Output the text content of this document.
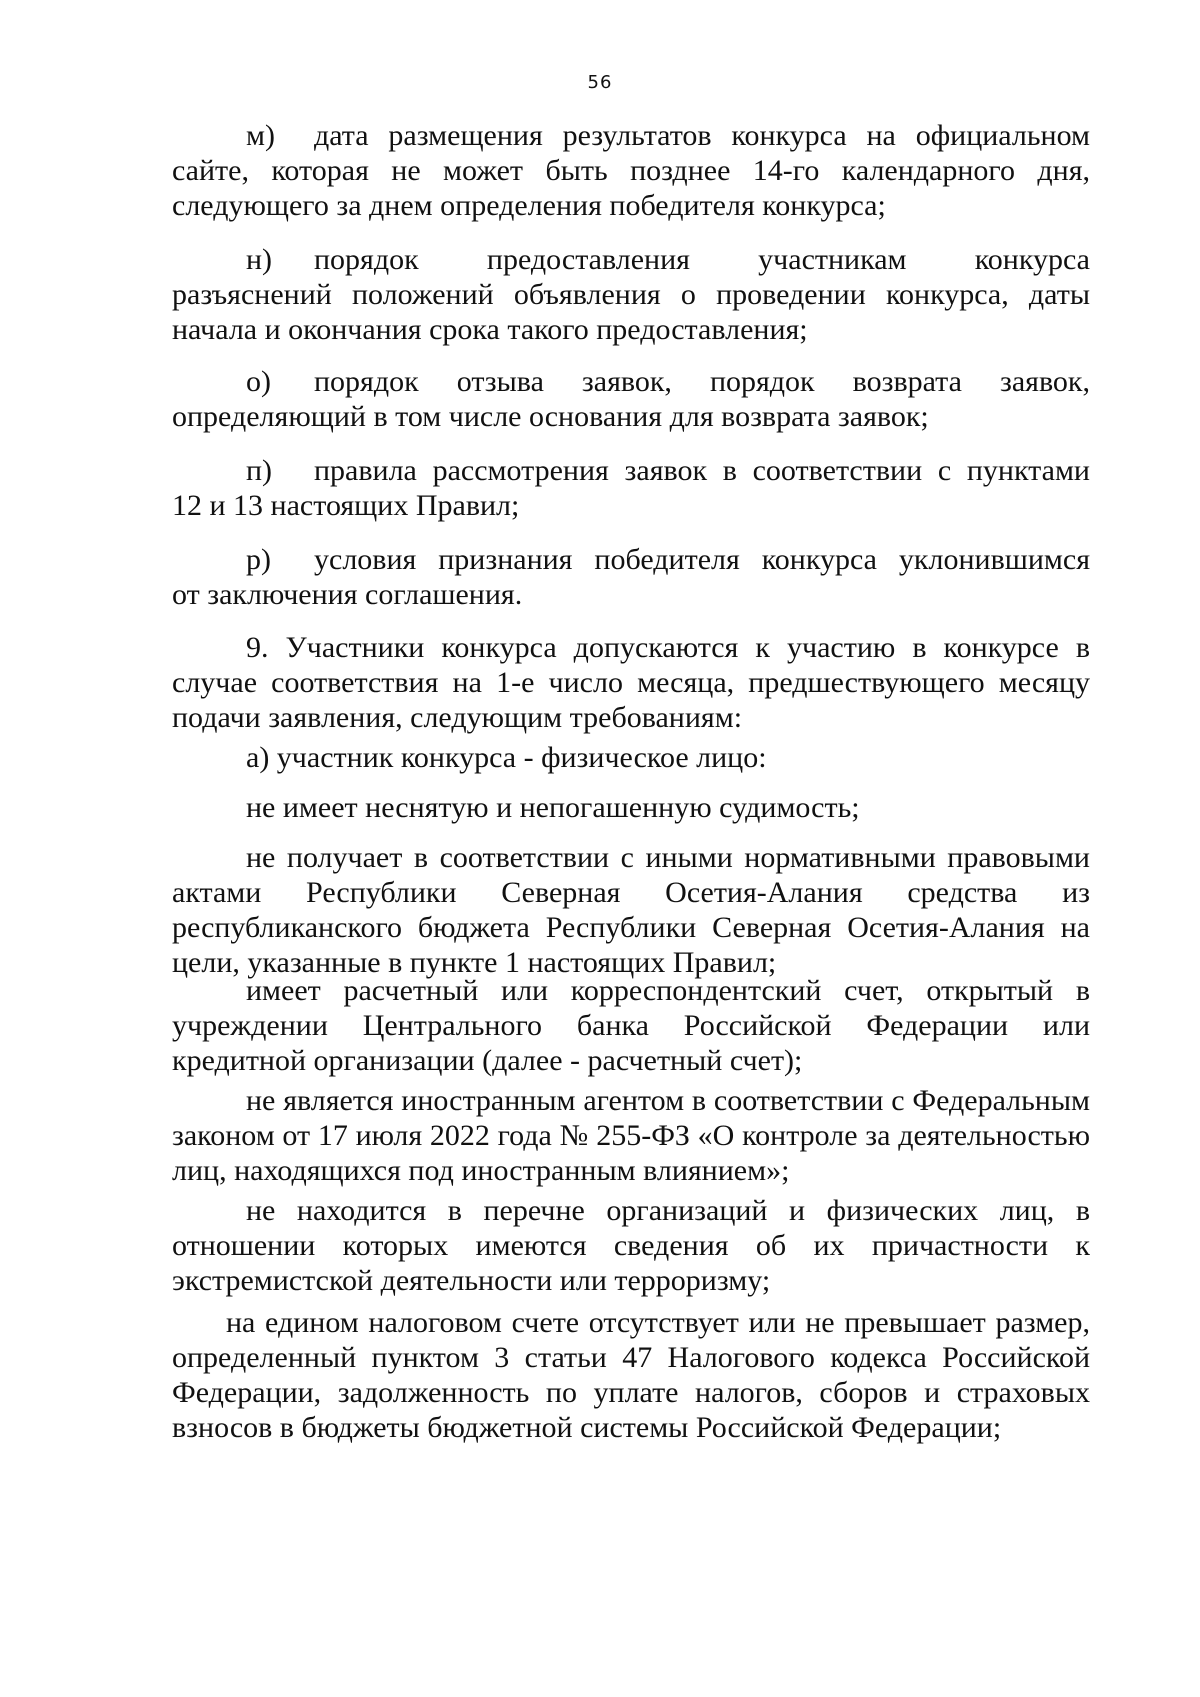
56
м) дата размещения результатов конкурса на официальном
сайте, которая не может быть позднее 14-го календарного дня, следующего за днем определения победителя конкурса;
н) порядок предоставления участникам конкурса
разъяснений положений объявления о проведении конкурса, даты начала и окончания срока такого предоставления;
о) порядок отзыва заявок, порядок возврата заявок,
определяющий в том числе основания для возврата заявок;
п) правила рассмотрения заявок в соответствии с пунктами
12 и 13 настоящих Правил;
р) условия признания победителя конкурса уклонившимся
от заключения соглашения.
9. Участники конкурса допускаются к участию в конкурсе в случае соответствия на 1-е число месяца, предшествующего месяцу подачи заявления, следующим требованиям:
а) участник конкурса - физическое лицо:
не имеет неснятую и непогашенную судимость;
не получает в соответствии с иными нормативными правовыми актами Республики Северная Осетия-Алания средства из республиканского бюджета Республики Северная Осетия-Алания на цели, указанные в пункте 1 настоящих Правил;
имеет расчетный или корреспондентский счет, открытый в учреждении Центрального банка Российской Федерации или кредитной организации (далее - расчетный счет);
не является иностранным агентом в соответствии с Федеральным законом от 17 июля 2022 года № 255-ФЗ «О контроле за деятельностью лиц, находящихся под иностранным влиянием»;
не находится в перечне организаций и физических лиц, в отношении которых имеются сведения об их причастности к экстремистской деятельности или терроризму;
на едином налоговом счете отсутствует или не превышает размер, определенный пунктом 3 статьи 47 Налогового кодекса Российской Федерации, задолженность по уплате налогов, сборов и страховых взносов в бюджеты бюджетной системы Российской Федерации;
